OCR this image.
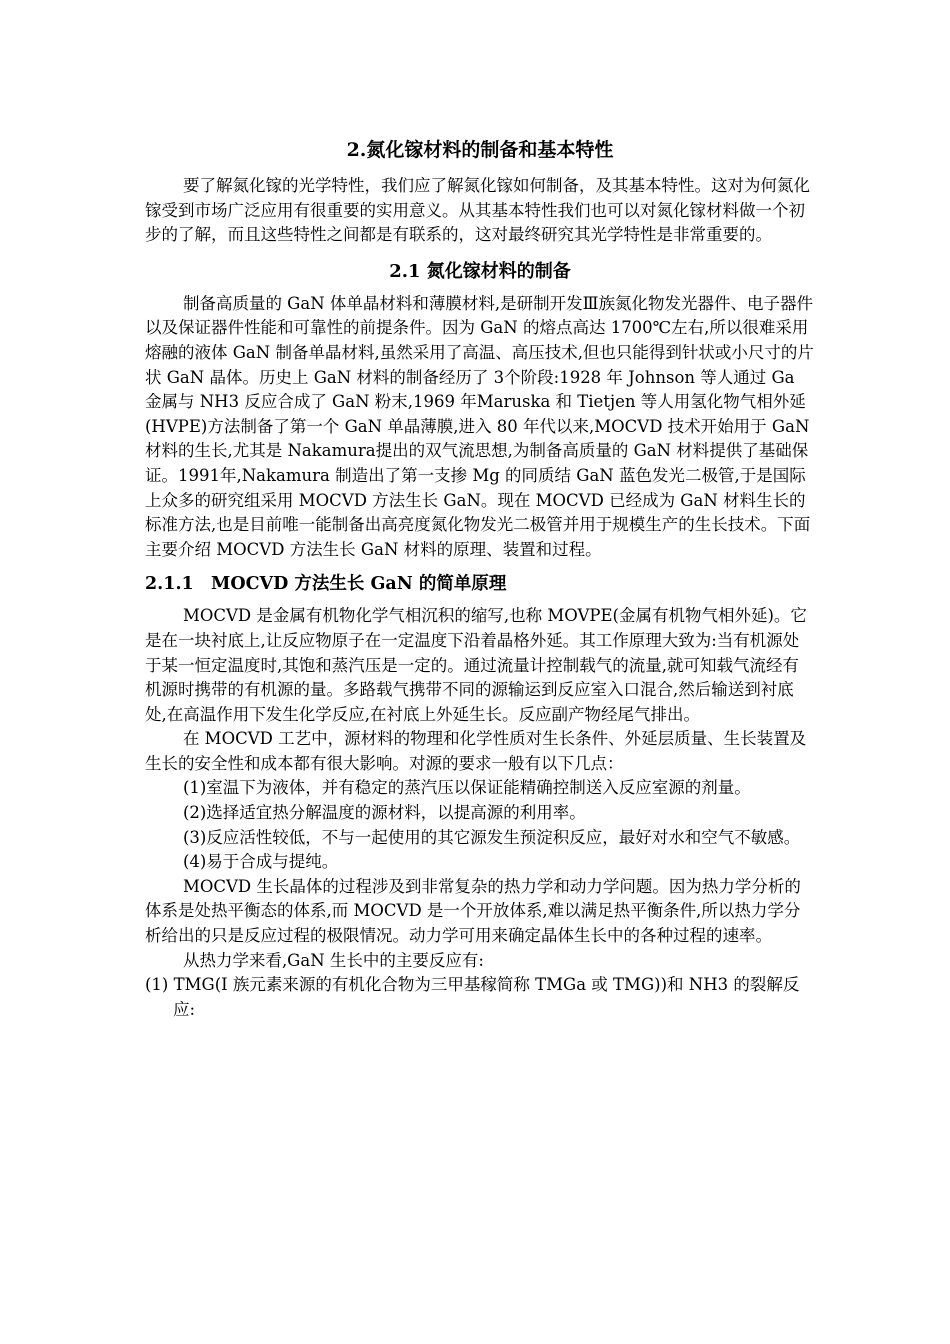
2.氮化镓材料的制备和基本特性

要了解氮化镓的光学特性，我们应了解氮化镓如何制备，及其基本特性。这对为何氮化镓受到市场广泛应用有很重要的实用意义。从其基本特性我们也可以对氮化镓材料做一个初步的了解，而且这些特性之间都是有联系的，这对最终研究其光学特性是非常重要的。

2.1 氮化镓材料的制备

制备高质量的 GaN 体单晶材料和薄膜材料,是研制开发Ⅲ族氮化物发光器件、电子器件以及保证器件性能和可靠性的前提条件。因为 GaN 的熔点高达 1700℃左右,所以很难采用熔融的液体 GaN 制备单晶材料,虽然采用了高温、高压技术,但也只能得到针状或小尺寸的片状 GaN 晶体。历史上 GaN 材料的制备经历了 3个阶段:1928 年 Johnson 等人通过 Ga 金属与 NH3 反应合成了 GaN 粉末,1969 年Maruska 和 Tietjen 等人用氢化物气相外延(HVPE)方法制备了第一个 GaN 单晶薄膜,进入 80 年代以来,MOCVD 技术开始用于 GaN 材料的生长,尤其是 Nakamura提出的双气流思想,为制备高质量的 GaN 材料提供了基础保证。1991年,Nakamura 制造出了第一支掺 Mg 的同质结 GaN 蓝色发光二极管,于是国际上众多的研究组采用 MOCVD 方法生长 GaN。现在 MOCVD 已经成为 GaN 材料生长的标准方法,也是目前唯一能制备出高亮度氮化物发光二极管并用于规模生产的生长技术。下面主要介绍 MOCVD 方法生长 GaN 材料的原理、装置和过程。

2.1.1 MOCVD 方法生长 GaN 的简单原理

MOCVD 是金属有机物化学气相沉积的缩写,也称 MOVPE(金属有机物气相外延)。它是在一块衬底上,让反应物原子在一定温度下沿着晶格外延。其工作原理大致为:当有机源处于某一恒定温度时,其饱和蒸汽压是一定的。通过流量计控制载气的流量,就可知载气流经有机源时携带的有机源的量。多路载气携带不同的源输运到反应室入口混合,然后输送到衬底处,在高温作用下发生化学反应,在衬底上外延生长。反应副产物经尾气排出。

在 MOCVD 工艺中，源材料的物理和化学性质对生长条件、外延层质量、生长装置及生长的安全性和成本都有很大影响。对源的要求一般有以下几点：

(1)室温下为液体，并有稳定的蒸汽压以保证能精确控制送入反应室源的剂量。

(2)选择适宜热分解温度的源材料，以提高源的利用率。

(3)反应活性较低，不与一起使用的其它源发生预淀积反应，最好对水和空气不敏感。

(4)易于合成与提纯。

MOCVD 生长晶体的过程涉及到非常复杂的热力学和动力学问题。因为热力学分析的体系是处热平衡态的体系,而 MOCVD 是一个开放体系,难以满足热平衡条件,所以热力学分析给出的只是反应过程的极限情况。动力学可用来确定晶体生长中的各种过程的速率。

从热力学来看,GaN 生长中的主要反应有:

(1) TMG(I 族元素来源的有机化合物为三甲基稼简称 TMGa 或 TMG))和 NH3 的裂解反应:
